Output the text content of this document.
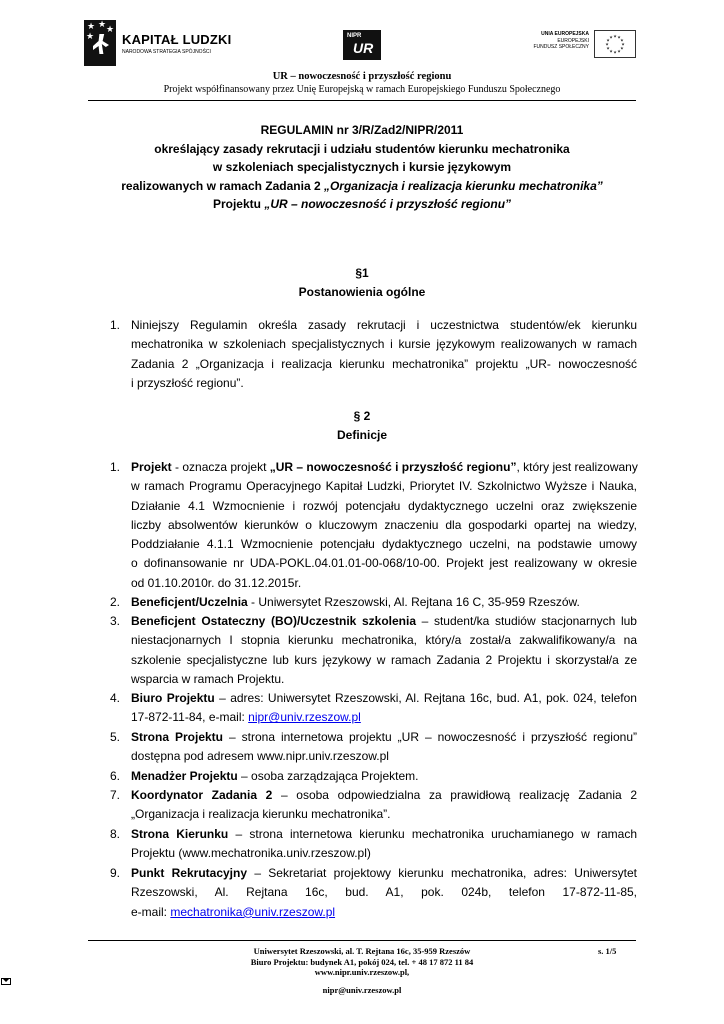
★ ★ ★
★ KAPITAŁ LUDZKI
NARODOWA STRATEGIA SPÓJNOŚCI
NIPR
UR
UNIA EUROPEJSKA
EUROPEJSKI
FUNDUSZ SPOŁECZNY
★ ★
★
★
★
★
★
★
★
★
★
★
UR – nowoczesność i przyszłość regionu
Projekt współfinansowany przez Unię Europejską w ramach Europejskiego Funduszu Społecznego
REGULAMIN nr 3/R/Zad2/NIPR/2011
określający zasady rekrutacji i udziału studentów kierunku mechatronika
w szkoleniach specjalistycznych i kursie językowym
realizowanych w ramach Zadania 2 „Organizacja i realizacja kierunku mechatronika”
Projektu „UR – nowoczesność i przyszłość regionu”
§1
Postanowienia ogólne
1. Niniejszy Regulamin określa zasady rekrutacji i uczestnictwa studentów/ek kierunku
mechatronika w szkoleniach specjalistycznych i kursie językowym realizowanych w ramach
Zadania 2 „Organizacja i realizacja kierunku mechatronika” projektu „UR- nowoczesność
i przyszłość regionu”.
§ 2
Definicje
1. Projekt - oznacza projekt „UR – nowoczesność i przyszłość regionu”, który jest realizowany
w ramach Programu Operacyjnego Kapitał Ludzki, Priorytet IV. Szkolnictwo Wyższe i Nauka,
Działanie 4.1 Wzmocnienie i rozwój potencjału dydaktycznego uczelni oraz zwiększenie
liczby absolwentów kierunków o kluczowym znaczeniu dla gospodarki opartej na wiedzy,
Poddziałanie 4.1.1 Wzmocnienie potencjału dydaktycznego uczelni, na podstawie umowy
o dofinansowanie nr UDA-POKL.04.01.01-00-068/10-00. Projekt jest realizowany w okresie
od 01.10.2010r. do 31.12.2015r.
2. Beneficjent/Uczelnia - Uniwersytet Rzeszowski, Al. Rejtana 16 C, 35-959 Rzeszów.
3. Beneficjent Ostateczny (BO)/Uczestnik szkolenia – student/ka studiów stacjonarnych lub
niestacjonarnych I stopnia kierunku mechatronika, który/a został/a zakwalifikowany/a na
szkolenie specjalistyczne lub kurs językowy w ramach Zadania 2 Projektu i skorzystał/a ze
wsparcia w ramach Projektu.
4. Biuro Projektu – adres: Uniwersytet Rzeszowski, Al. Rejtana 16c, bud. A1, pok. 024, telefon
17-872-11-84, e-mail: nipr@univ.rzeszow.pl
5. Strona Projektu – strona internetowa projektu „UR – nowoczesność i przyszłość regionu”
dostępna pod adresem www.nipr.univ.rzeszow.pl
6. Menadżer Projektu – osoba zarządzająca Projektem.
7. Koordynator Zadania 2 – osoba odpowiedzialna za prawidłową realizację Zadania 2
„Organizacja i realizacja kierunku mechatronika”.
8. Strona Kierunku – strona internetowa kierunku mechatronika uruchamianego w ramach
Projektu (www.mechatronika.univ.rzeszow.pl)
9. Punkt Rekrutacyjny – Sekretariat projektowy kierunku mechatronika, adres: Uniwersytet
Rzeszowski, Al. Rejtana 16c, bud. A1, pok. 024b, telefon 17-872-11-85,
e-mail: mechatronika@univ.rzeszow.pl
Uniwersytet Rzeszowski, al. T. Rejtana 16c, 35-959 Rzeszów
Biuro Projektu: budynek A1, pokój 024, tel. + 48 17 872 11 84
www.nipr.univ.rzeszow.pl,
nipr@univ.rzeszow.pl
s. 1/5
